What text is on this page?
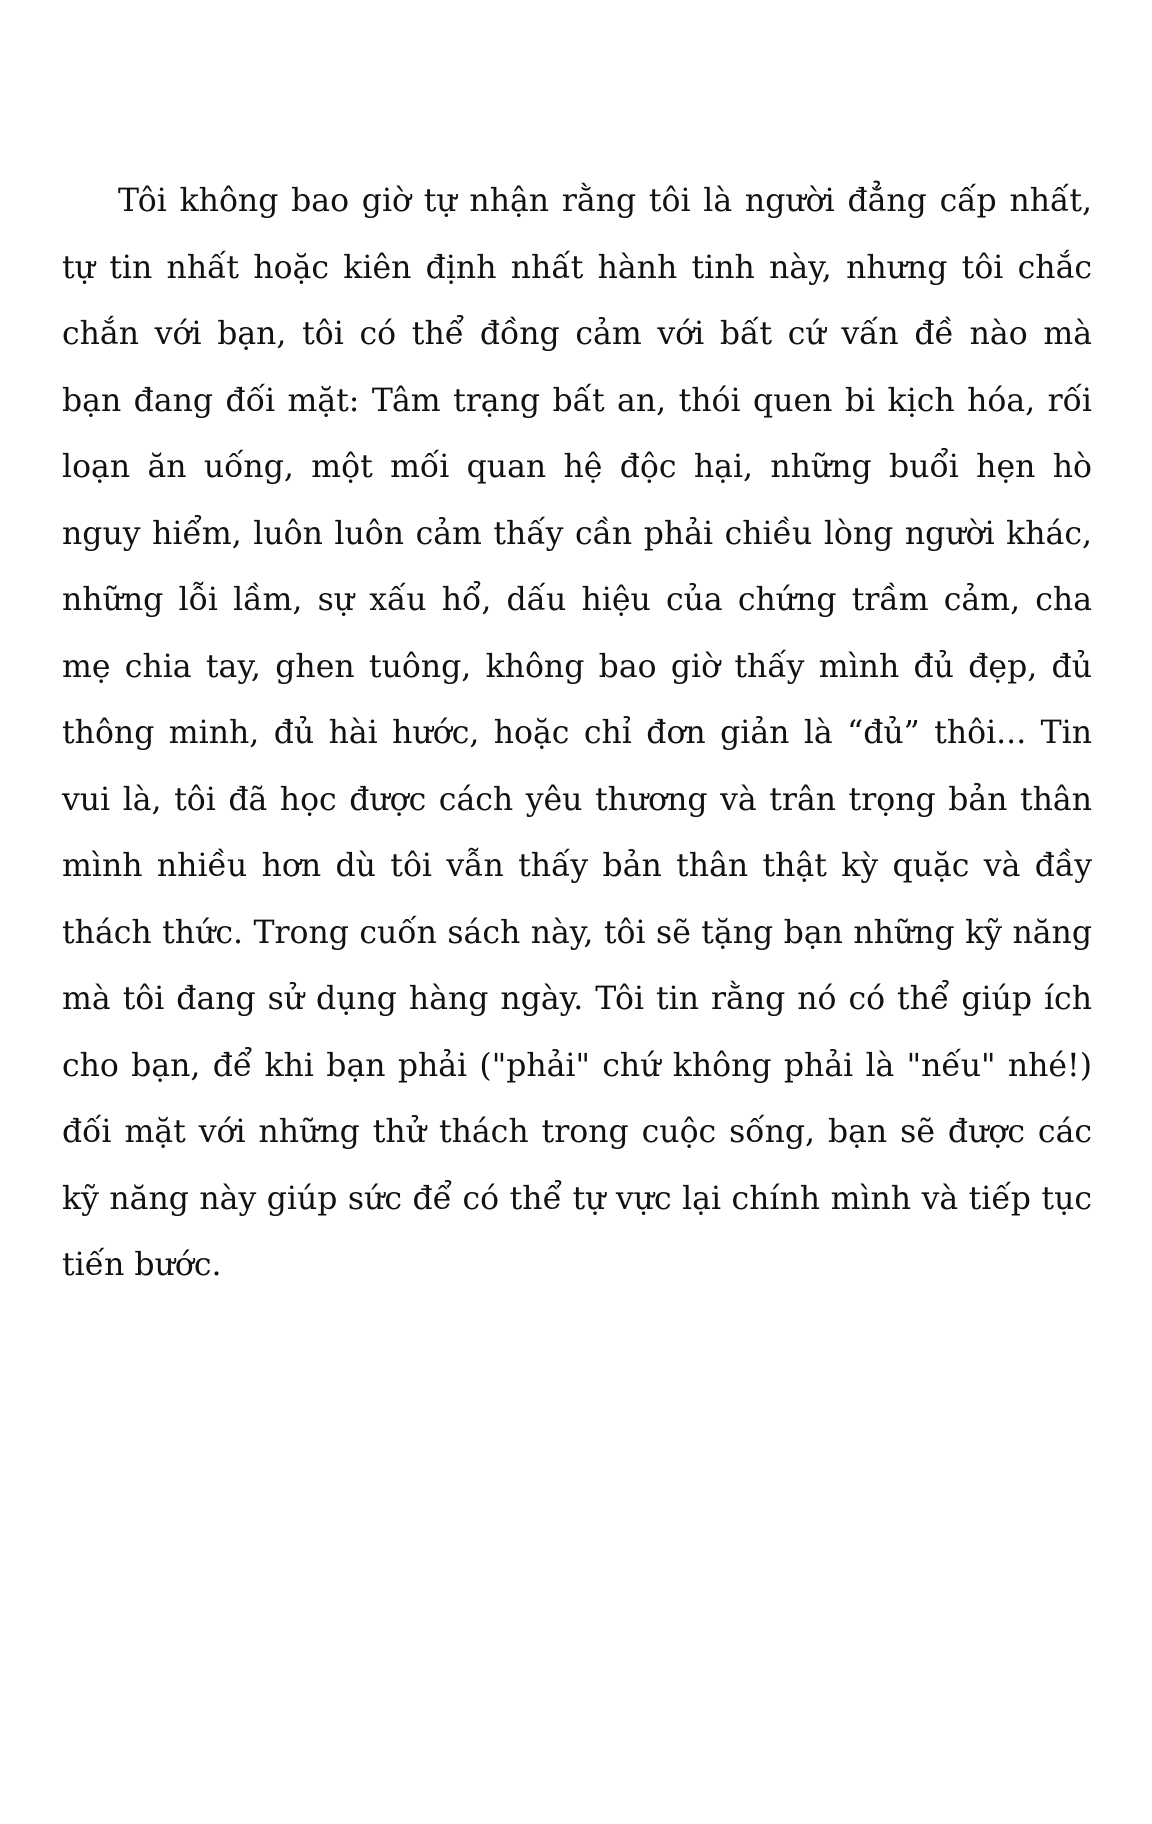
Tôi không bao giờ tự nhận rằng tôi là người đẳng cấp nhất,
tự tin nhất hoặc kiên định nhất hành tinh này, nhưng tôi chắc
chắn với bạn, tôi có thể đồng cảm với bất cứ vấn đề nào mà
bạn đang đối mặt: Tâm trạng bất an, thói quen bi kịch hóa, rối
loạn ăn uống, một mối quan hệ độc hại, những buổi hẹn hò
nguy hiểm, luôn luôn cảm thấy cần phải chiều lòng người khác,
những lỗi lầm, sự xấu hổ, dấu hiệu của chứng trầm cảm, cha
mẹ chia tay, ghen tuông, không bao giờ thấy mình đủ đẹp, đủ
thông minh, đủ hài hước, hoặc chỉ đơn giản là “đủ” thôi... Tin
vui là, tôi đã học được cách yêu thương và trân trọng bản thân
mình nhiều hơn dù tôi vẫn thấy bản thân thật kỳ quặc và đầy
thách thức. Trong cuốn sách này, tôi sẽ tặng bạn những kỹ năng
mà tôi đang sử dụng hàng ngày. Tôi tin rằng nó có thể giúp ích
cho bạn, để khi bạn phải ("phải" chứ không phải là "nếu" nhé!)
đối mặt với những thử thách trong cuộc sống, bạn sẽ được các
kỹ năng này giúp sức để có thể tự vực lại chính mình và tiếp tục
tiến bước.
